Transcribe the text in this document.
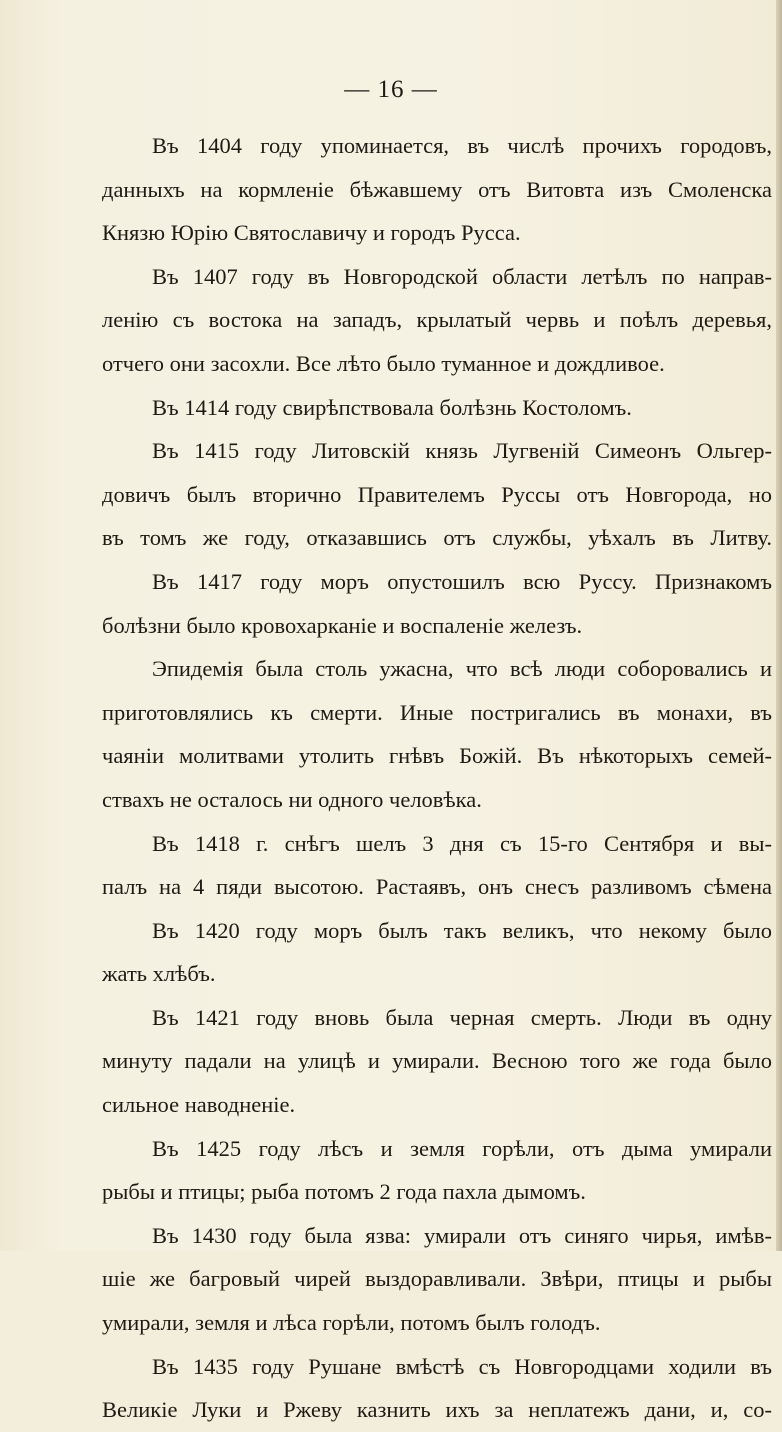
— 16 —
Въ 1404 году упоминается, въ числѣ прочихъ городовъ,
данныхъ на кормленіе бѣжавшему отъ Витовта изъ Смоленска
Князю Юрію Святославичу и городъ Русса.
Въ 1407 году въ Новгородской области летѣлъ по направ-
ленію съ востока на западъ, крылатый червь и поѣлъ деревья,
отчего они засохли. Все лѣто было туманное и дождливое.
Въ 1414 году свирѣпствовала болѣзнь Костоломъ.
Въ 1415 году Литовскій князь Лугвеній Симеонъ Ольгер-
довичъ былъ вторично Правителемъ Руссы отъ Новгорода, но
въ томъ же году, отказавшись отъ службы, уѣхалъ въ Литву.
Въ 1417 году моръ опустошилъ всю Руссу. Признакомъ
болѣзни было кровохарканіе и воспаленіе железъ.
Эпидемія была столь ужасна, что всѣ люди соборовались и
приготовлялись къ смерти. Иные постригались въ монахи, въ
чаяніи молитвами утолить гнѣвъ Божій. Въ нѣкоторыхъ семей-
ствахъ не осталось ни одного человѣка.
Въ 1418 г. снѣгъ шелъ 3 дня съ 15-го Сентября и вы-
палъ на 4 пяди высотою. Растаявъ, онъ снесъ разливомъ сѣмена
Въ 1420 году моръ былъ такъ великъ, что некому было
жать хлѣбъ.
Въ 1421 году вновь была черная смерть. Люди въ одну
минуту падали на улицѣ и умирали. Весною того же года было
сильное наводненіе.
Въ 1425 году лѣсъ и земля горѣли, отъ дыма умирали
рыбы и птицы; рыба потомъ 2 года пахла дымомъ.
Въ 1430 году была язва: умирали отъ синяго чирья, имѣв-
шіе же багровый чирей выздоравливали. Звѣри, птицы и рыбы
умирали, земля и лѣса горѣли, потомъ былъ голодъ.
Въ 1435 году Рушане вмѣстѣ съ Новгородцами ходили въ
Великіе Луки и Ржеву казнить ихъ за неплатежъ дани, и, со-
